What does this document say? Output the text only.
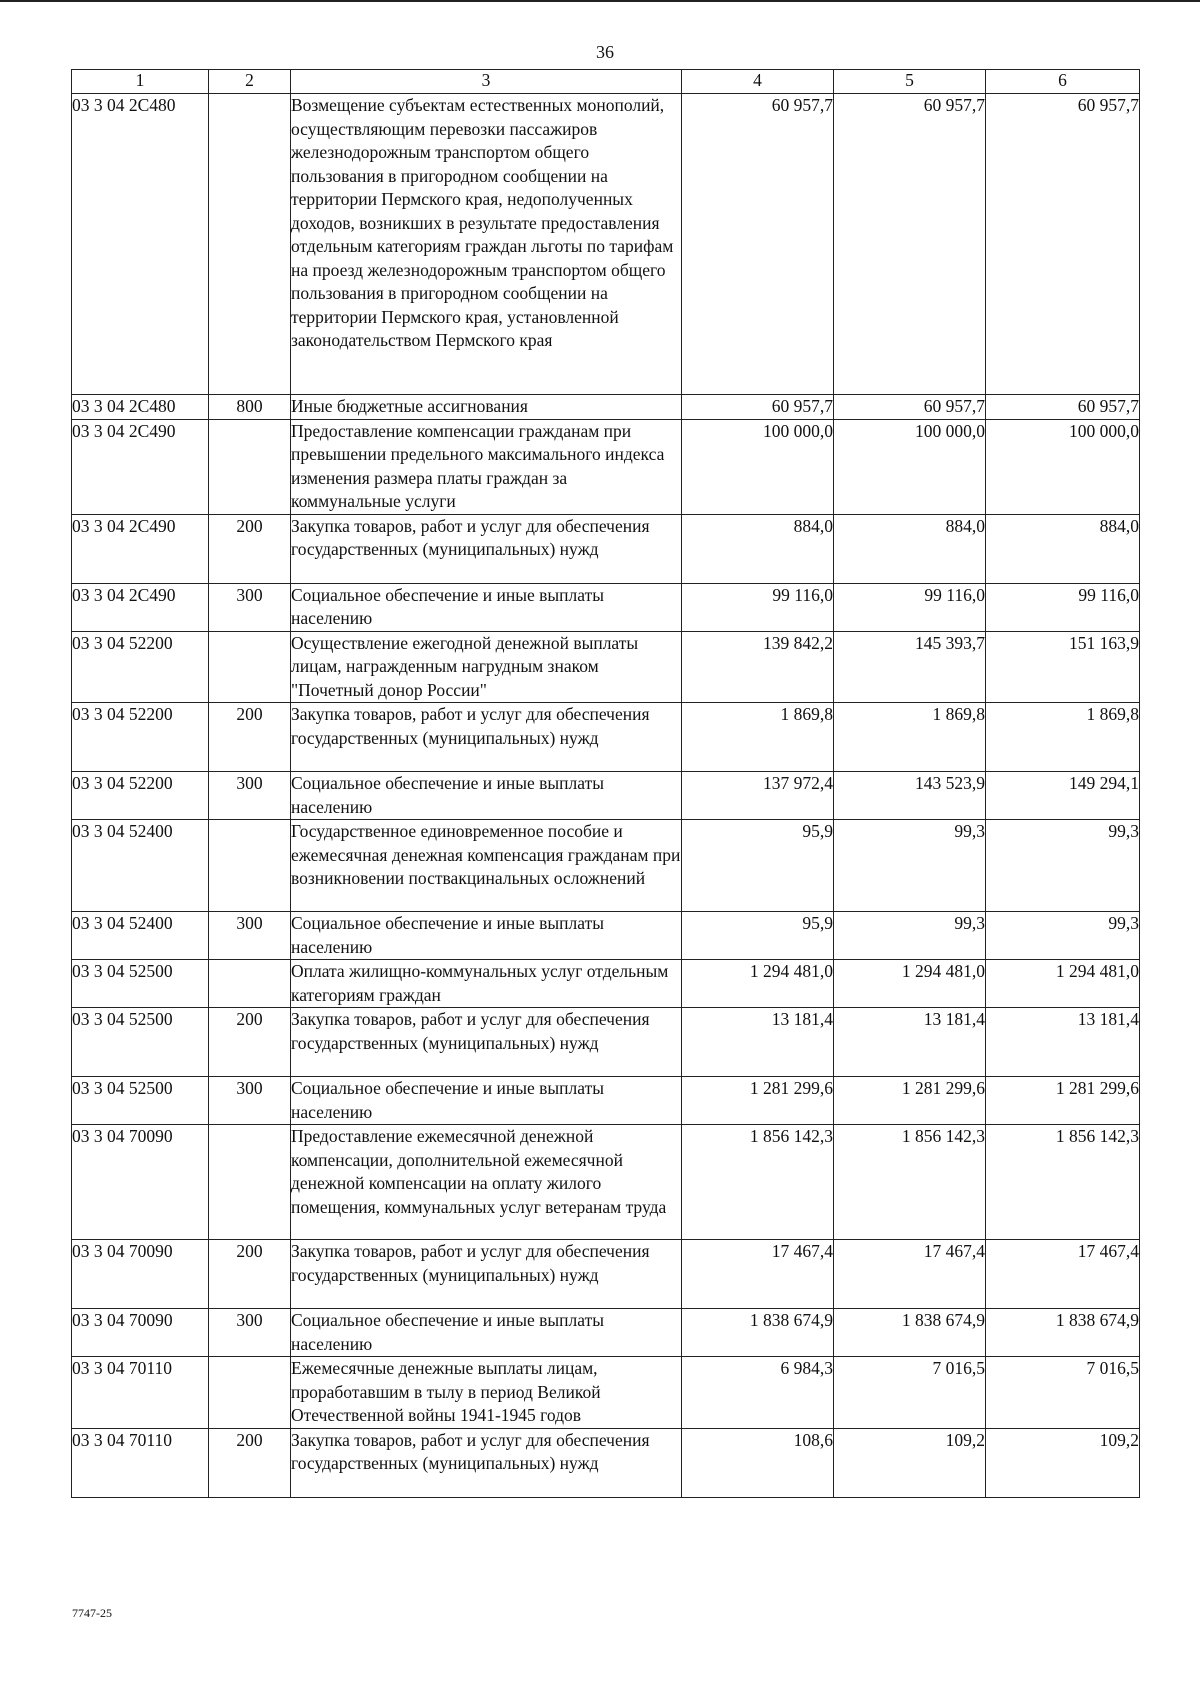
36
1	2	3	4	5	6
03 3 04 2C480		Возмещение субъектам естественных монополий, осуществляющим перевозки пассажиров железнодорожным транспортом общего пользования в пригородном сообщении на территории Пермского края, недополученных доходов, возникших в результате предоставления отдельным категориям граждан льготы по тарифам на проезд железнодорожным транспортом общего пользования в пригородном сообщении на территории Пермского края, установленной законодательством Пермского края	60 957,7	60 957,7	60 957,7
03 3 04 2C480	800	Иные бюджетные ассигнования	60 957,7	60 957,7	60 957,7
03 3 04 2C490		Предоставление компенсации гражданам при превышении предельного максимального индекса изменения размера платы граждан за коммунальные услуги	100 000,0	100 000,0	100 000,0
03 3 04 2C490	200	Закупка товаров, работ и услуг для обеспечения государственных (муниципальных) нужд	884,0	884,0	884,0
03 3 04 2C490	300	Социальное обеспечение и иные выплаты населению	99 116,0	99 116,0	99 116,0
03 3 04 52200		Осуществление ежегодной денежной выплаты лицам, награжденным нагрудным знаком "Почетный донор России"	139 842,2	145 393,7	151 163,9
03 3 04 52200	200	Закупка товаров, работ и услуг для обеспечения государственных (муниципальных) нужд	1 869,8	1 869,8	1 869,8
03 3 04 52200	300	Социальное обеспечение и иные выплаты населению	137 972,4	143 523,9	149 294,1
03 3 04 52400		Государственное единовременное пособие и ежемесячная денежная компенсация гражданам при возникновении поствакцинальных осложнений	95,9	99,3	99,3
03 3 04 52400	300	Социальное обеспечение и иные выплаты населению	95,9	99,3	99,3
03 3 04 52500		Оплата жилищно-коммунальных услуг отдельным категориям граждан	1 294 481,0	1 294 481,0	1 294 481,0
03 3 04 52500	200	Закупка товаров, работ и услуг для обеспечения государственных (муниципальных) нужд	13 181,4	13 181,4	13 181,4
03 3 04 52500	300	Социальное обеспечение и иные выплаты населению	1 281 299,6	1 281 299,6	1 281 299,6
03 3 04 70090		Предоставление ежемесячной денежной компенсации, дополнительной ежемесячной денежной компенсации на оплату жилого помещения, коммунальных услуг ветеранам труда	1 856 142,3	1 856 142,3	1 856 142,3
03 3 04 70090	200	Закупка товаров, работ и услуг для обеспечения государственных (муниципальных) нужд	17 467,4	17 467,4	17 467,4
03 3 04 70090	300	Социальное обеспечение и иные выплаты населению	1 838 674,9	1 838 674,9	1 838 674,9
03 3 04 70110		Ежемесячные денежные выплаты лицам, проработавшим в тылу в период Великой Отечественной войны 1941-1945 годов	6 984,3	7 016,5	7 016,5
03 3 04 70110	200	Закупка товаров, работ и услуг для обеспечения государственных (муниципальных) нужд	108,6	109,2	109,2
7747-25
